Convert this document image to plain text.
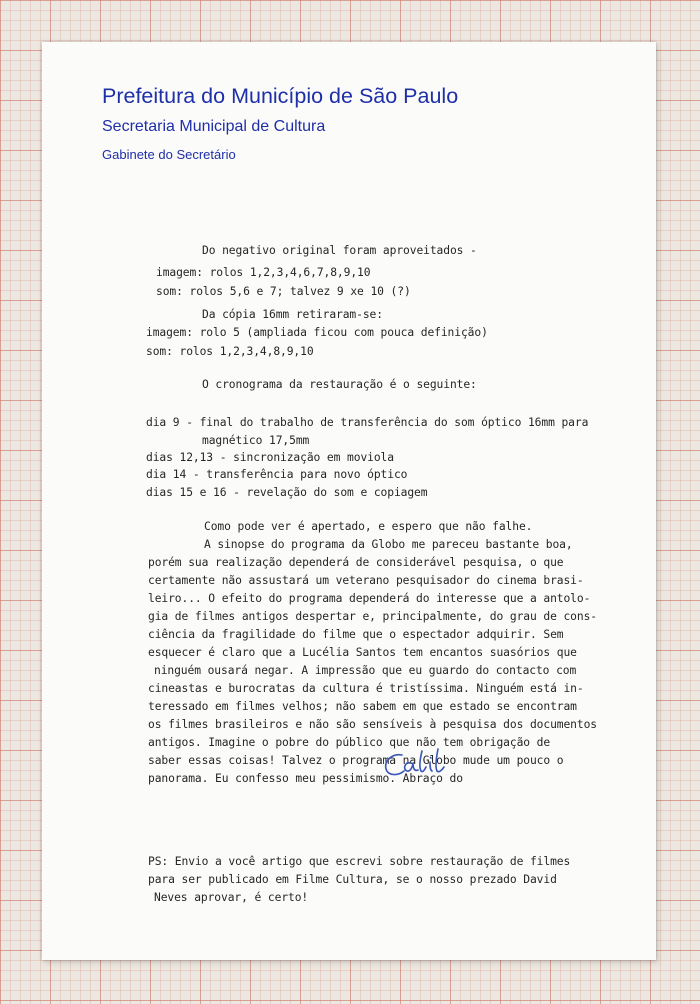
Prefeitura do Município de São Paulo
Secretaria Municipal de Cultura
Gabinete do Secretário
Do negativo original foram aproveitados -
imagem: rolos 1,2,3,4,6,7,8,9,10
som: rolos 5,6 e 7; talvez 9 xe 10 (?)
Da cópia 16mm retiraram-se:
imagem: rolo 5 (ampliada ficou com pouca definição)
som: rolos 1,2,3,4,8,9,10
O cronograma da restauração é o seguinte:
dia 9 - final do trabalho de transferência do som óptico 16mm para
magnético 17,5mm
dias 12,13 - sincronização em moviola
dia 14 - transferência para novo óptico
dias 15 e 16 - revelação do som e copiagem
Como pode ver é apertado, e espero que não falhe.
A sinopse do programa da Globo me pareceu bastante boa,
porém sua realização dependerá de considerável pesquisa, o que
certamente não assustará um veterano pesquisador do cinema brasi-
leiro... O efeito do programa dependerá do interesse que a antolo-
gia de filmes antigos despertar e, principalmente, do grau de cons-
ciência da fragilidade do filme que o espectador adquirir. Sem
esquecer é claro que a Lucélia Santos tem encantos suasórios que
ninguém ousará negar. A impressão que eu guardo do contacto com
cineastas e burocratas da cultura é tristíssima. Ninguém está in-
teressado em filmes velhos; não sabem em que estado se encontram
os filmes brasileiros e não são sensíveis à pesquisa dos documentos
antigos. Imagine o pobre do público que não tem obrigação de
saber essas coisas! Talvez o programa na Globo mude um pouco o
panorama. Eu confesso meu pessimismo. Abraço do
PS: Envio a você artigo que escrevi sobre restauração de filmes
para ser publicado em Filme Cultura, se o nosso prezado David
Neves aprovar, é certo!
